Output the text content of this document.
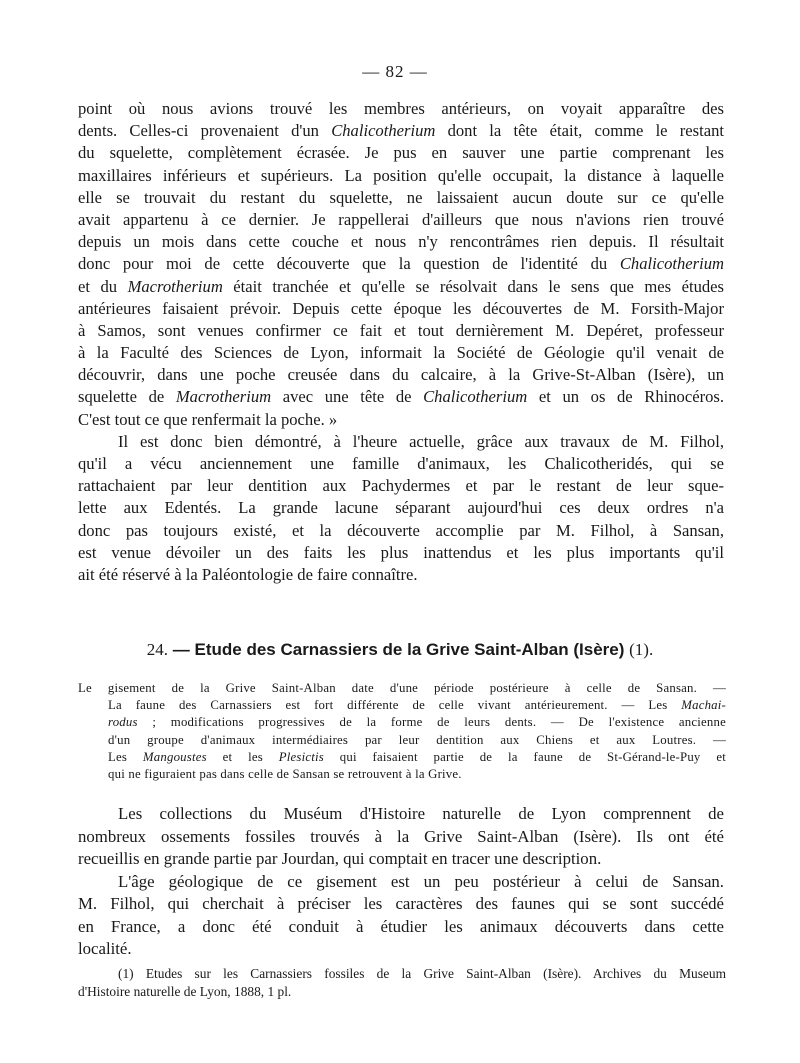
— 82 —
point où nous avions trouvé les membres antérieurs, on voyait apparaître des
dents. Celles-ci provenaient d'un Chalicotherium dont la tête était, comme le restant
du squelette, complètement écrasée. Je pus en sauver une partie comprenant les
maxillaires inférieurs et supérieurs. La position qu'elle occupait, la distance à laquelle
elle se trouvait du restant du squelette, ne laissaient aucun doute sur ce qu'elle
avait appartenu à ce dernier. Je rappellerai d'ailleurs que nous n'avions rien trouvé
depuis un mois dans cette couche et nous n'y rencontrâmes rien depuis. Il résultait
donc pour moi de cette découverte que la question de l'identité du Chalicotherium
et du Macrotherium était tranchée et qu'elle se résolvait dans le sens que mes études
antérieures faisaient prévoir. Depuis cette époque les découvertes de M. Forsith-Major
à Samos, sont venues confirmer ce fait et tout dernièrement M. Depéret, professeur
à la Faculté des Sciences de Lyon, informait la Société de Géologie qu'il venait de
découvrir, dans une poche creusée dans du calcaire, à la Grive-St-Alban (Isère), un
squelette de Macrotherium avec une tête de Chalicotherium et un os de Rhinocéros.
C'est tout ce que renfermait la poche. »
Il est donc bien démontré, à l'heure actuelle, grâce aux travaux de M. Filhol,
qu'il a vécu anciennement une famille d'animaux, les Chalicotheridés, qui se
rattachaient par leur dentition aux Pachydermes et par le restant de leur sque-
lette aux Edentés. La grande lacune séparant aujourd'hui ces deux ordres n'a
donc pas toujours existé, et la découverte accomplie par M. Filhol, à Sansan,
est venue dévoiler un des faits les plus inattendus et les plus importants qu'il
ait été réservé à la Paléontologie de faire connaître.
24. — Etude des Carnassiers de la Grive Saint-Alban (Isère) (1).
Le gisement de la Grive Saint-Alban date d'une période postérieure à celle de Sansan. —
La faune des Carnassiers est fort différente de celle vivant antérieurement. — Les Machai-
rodus ; modifications progressives de la forme de leurs dents. — De l'existence ancienne
d'un groupe d'animaux intermédiaires par leur dentition aux Chiens et aux Loutres. —
Les Mangoustes et les Plesictis qui faisaient partie de la faune de St-Gérand-le-Puy et
qui ne figuraient pas dans celle de Sansan se retrouvent à la Grive.
Les collections du Muséum d'Histoire naturelle de Lyon comprennent de
nombreux ossements fossiles trouvés à la Grive Saint-Alban (Isère). Ils ont été
recueillis en grande partie par Jourdan, qui comptait en tracer une description.
L'âge géologique de ce gisement est un peu postérieur à celui de Sansan.
M. Filhol, qui cherchait à préciser les caractères des faunes qui se sont succédé
en France, a donc été conduit à étudier les animaux découverts dans cette
localité.
(1) Etudes sur les Carnassiers fossiles de la Grive Saint-Alban (Isère). Archives du Museum
d'Histoire naturelle de Lyon, 1888, 1 pl.
